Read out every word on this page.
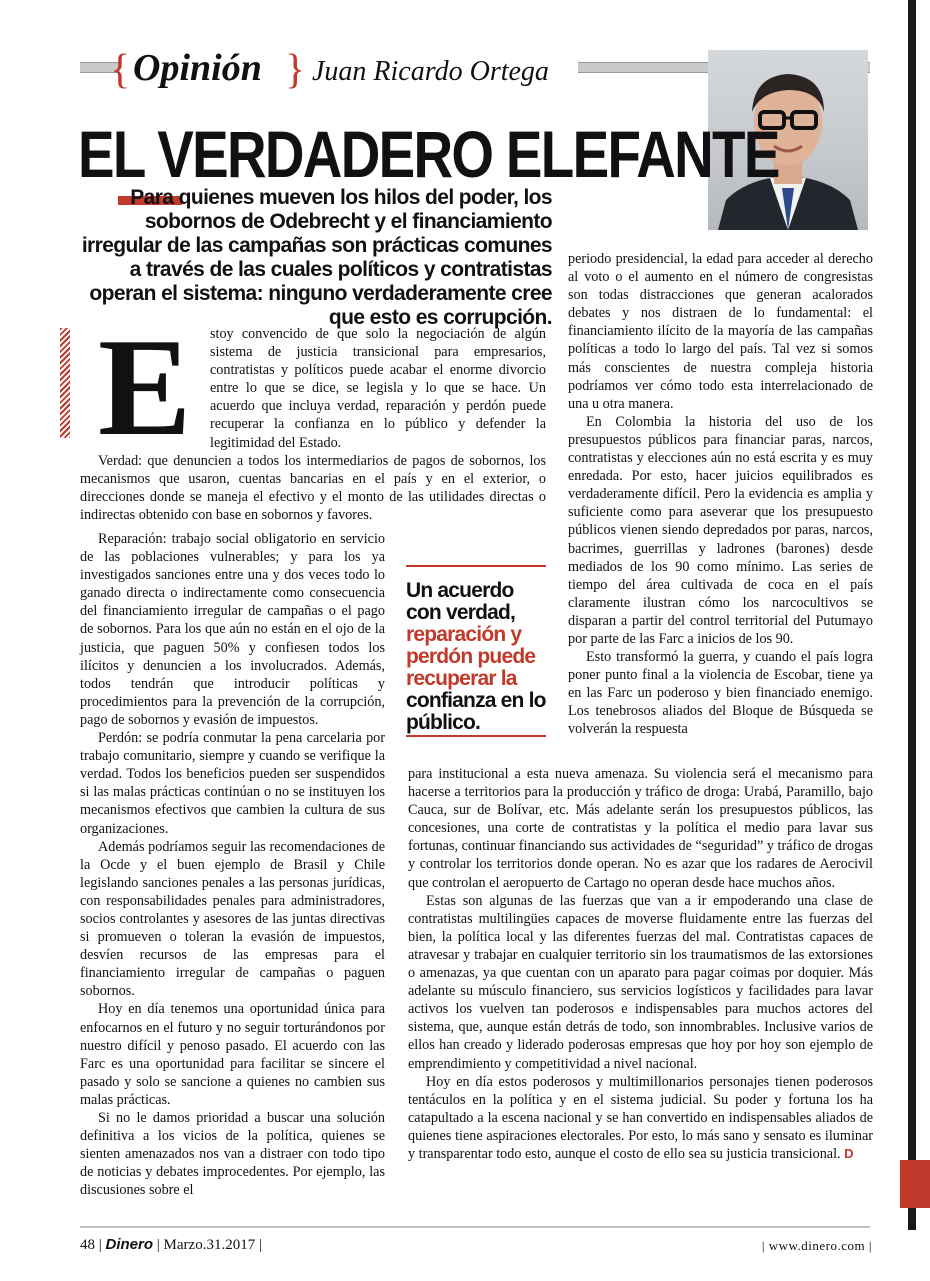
{ Opinión } Juan Ricardo Ortega
EL VERDADERO ELEFANTE
Para quienes mueven los hilos del poder, los sobornos de Odebrecht y el financiamiento irregular de las campañas son prácticas comunes a través de las cuales políticos y contratistas operan el sistema: ninguno verdaderamente cree que esto es corrupción.
E	stoy convencido de que solo la negociación de algún sistema de justicia transicional para empresarios, contratistas y políticos puede acabar el enorme divorcio entre lo que se dice, se legisla y lo que se hace. Un acuerdo que incluya verdad, reparación y perdón puede recuperar la confianza en lo público y defender la legitimidad del Estado.

Verdad: que denuncien a todos los intermediarios de pagos de sobornos, los mecanismos que usaron, cuentas bancarias en el país y en el exterior, o direcciones donde se maneja el efectivo y el monto de las utilidades directas o indirectas obtenido con base en sobornos y favores.

Reparación: trabajo social obligatorio en servicio de las poblaciones vulnerables; y para los ya investigados sanciones entre una y dos veces todo lo ganado directa o indirectamente como consecuencia del financiamiento irregular de campañas o el pago de sobornos. Para los que aún no están en el ojo de la justicia, que paguen 50% y confiesen todos los ilícitos y denuncien a los involucrados. Además, todos tendrán que introducir políticas y procedimientos para la prevención de la corrupción, pago de sobornos y evasión de impuestos.

Perdón: se podría conmutar la pena carcelaria por trabajo comunitario, siempre y cuando se verifique la verdad. Todos los beneficios pueden ser suspendidos si las malas prácticas continúan o no se instituyen los mecanismos efectivos que cambien la cultura de sus organizaciones.

Además podríamos seguir las recomendaciones de la Ocde y el buen ejemplo de Brasil y Chile legislando sanciones penales a las personas jurídicas, con responsabilidades penales para administradores, socios controlantes y asesores de las juntas directivas si promueven o toleran la evasión de impuestos, desvíen recursos de las empresas para el financiamiento irregular de campañas o paguen sobornos.

Hoy en día tenemos una oportunidad única para enfocarnos en el futuro y no seguir torturándonos por nuestro difícil y penoso pasado. El acuerdo con las Farc es una oportunidad para facilitar se sincere el pasado y solo se sancione a quienes no cambien sus malas prácticas.

Si no le damos prioridad a buscar una solución definitiva a los vicios de la política, quienes se sienten amenazados nos van a distraer con todo tipo de noticias y debates improcedentes. Por ejemplo, las discusiones sobre el

Un acuerdo con verdad, reparación y perdón puede recuperar la confianza en lo público.

periodo presidencial, la edad para acceder al derecho al voto o el aumento en el número de congresistas son todas distracciones que generan acalorados debates y nos distraen de lo fundamental: el financiamiento ilícito de la mayoría de las campañas políticas a todo lo largo del país. Tal vez si somos más conscientes de nuestra compleja historia podríamos ver cómo todo esta interrelacionado de una u otra manera.

En Colombia la historia del uso de los presupuestos públicos para financiar paras, narcos, contratistas y elecciones aún no está escrita y es muy enredada. Por esto, hacer juicios equilibrados es verdaderamente difícil. Pero la evidencia es amplia y suficiente como para aseverar que los presupuesto públicos vienen siendo depredados por paras, narcos, bacrimes, guerrillas y ladrones (barones) desde mediados de los 90 como mínimo. Las series de tiempo del área cultivada de coca en el país claramente ilustran cómo los narcocultivos se disparan a partir del control territorial del Putumayo por parte de las Farc a inicios de los 90.

Esto transformó la guerra, y cuando el país logra poner punto final a la violencia de Escobar, tiene ya en las Farc un poderoso y bien financiado enemigo. Los tenebrosos aliados del Bloque de Búsqueda se volverán la respuesta

para institucional a esta nueva amenaza. Su violencia será el mecanismo para hacerse a territorios para la producción y tráfico de droga: Urabá, Paramillo, bajo Cauca, sur de Bolívar, etc. Más adelante serán los presupuestos públicos, las concesiones, una corte de contratistas y la política el medio para lavar sus fortunas, continuar financiando sus actividades de “seguridad” y tráfico de drogas y controlar los territorios donde operan. No es azar que los radares de Aerocivil que controlan el aeropuerto de Cartago no operan desde hace muchos años.

Estas son algunas de las fuerzas que van a ir empoderando una clase de contratistas multilingües capaces de moverse fluidamente entre las fuerzas del bien, la política local y las diferentes fuerzas del mal. Contratistas capaces de atravesar y trabajar en cualquier territorio sin los traumatismos de las extorsiones o amenazas, ya que cuentan con un aparato para pagar coimas por doquier. Más adelante su músculo financiero, sus servicios logísticos y facilidades para lavar activos los vuelven tan poderosos e indispensables para muchos actores del sistema, que, aunque están detrás de todo, son innombrables. Inclusive varios de ellos han creado y liderado poderosas empresas que hoy por hoy son ejemplo de emprendimiento y competitividad a nivel nacional.

Hoy en día estos poderosos y multimillonarios personajes tienen poderosos tentáculos en la política y en el sistema judicial. Su poder y fortuna los ha catapultado a la escena nacional y se han convertido en indispensables aliados de quienes tiene aspiraciones electorales. Por esto, lo más sano y sensato es iluminar y transparentar todo esto, aunque el costo de ello sea su justicia transicional. D

48 | Dinero | Marzo.31.2017 |	| www.dinero.com |
